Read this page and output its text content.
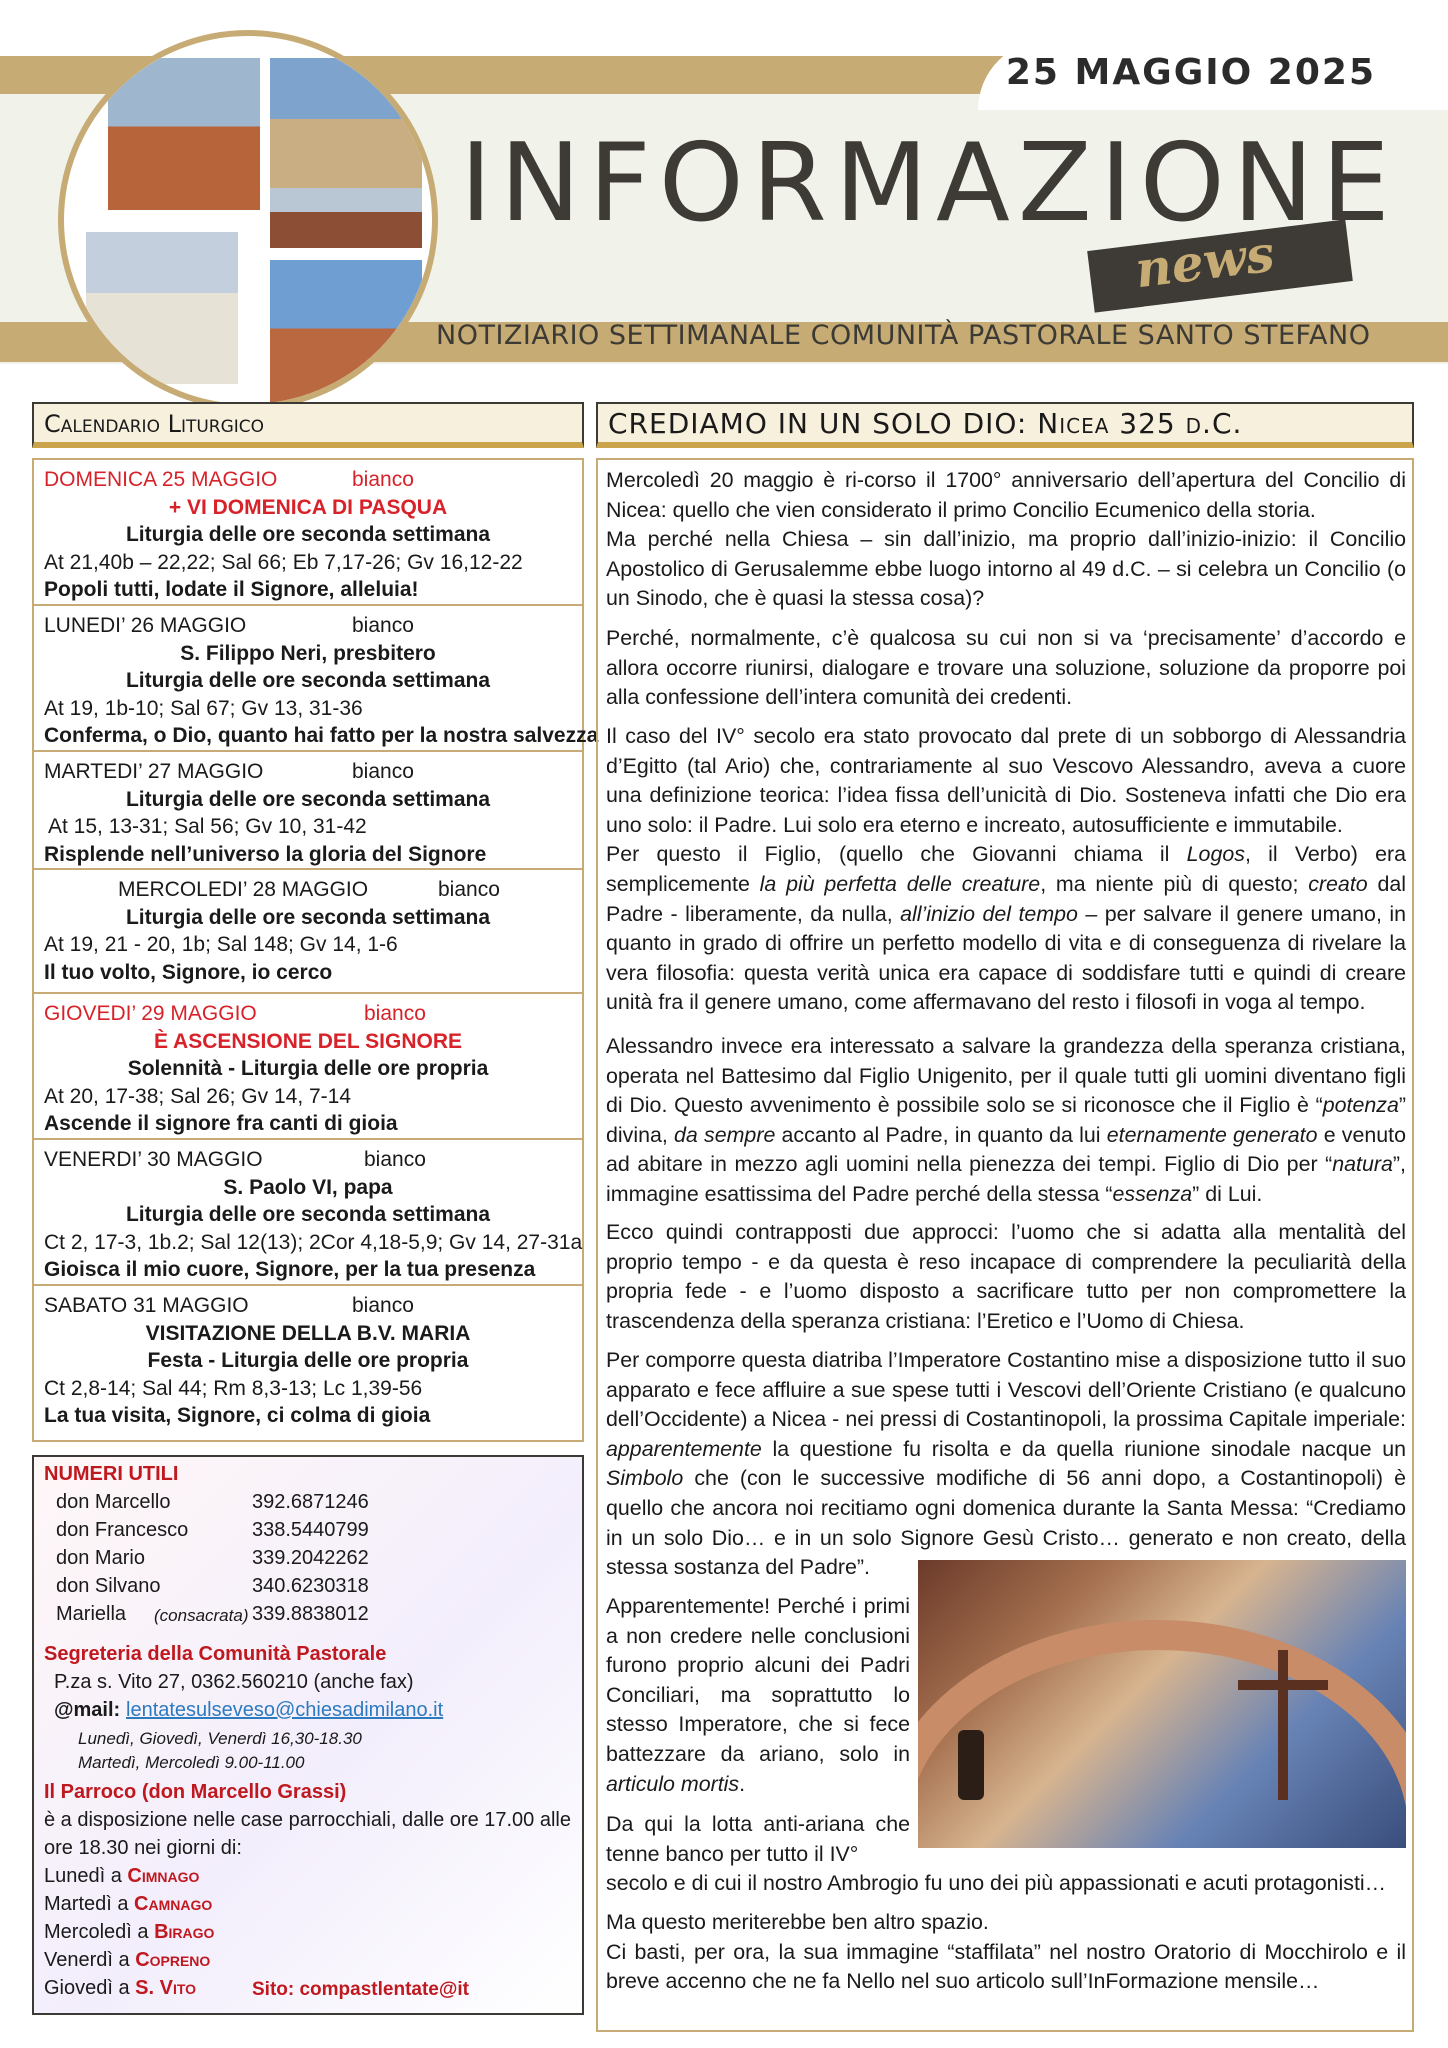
25 MAGGIO 2025
INFORMAZIONE
news
NOTIZIARIO SETTIMANALE COMUNITÀ PASTORALE SANTO STEFANO
Calendario Liturgico
DOMENICA 25 MAGGIO	bianco
+ VI DOMENICA DI PASQUA
Liturgia delle ore seconda settimana
At 21,40b – 22,22; Sal 66; Eb 7,17-26; Gv 16,12-22
Popoli tutti, lodate il Signore, alleluia!
LUNEDI’ 26 MAGGIO	bianco
S. Filippo Neri, presbitero
Liturgia delle ore seconda settimana
At 19, 1b-10; Sal 67; Gv 13, 31-36
Conferma, o Dio, quanto hai fatto per la nostra salvezza
MARTEDI’ 27 MAGGIO	bianco
Liturgia delle ore seconda settimana
At 15, 13-31; Sal 56; Gv 10, 31-42
Risplende nell’universo la gloria del Signore
MERCOLEDI’ 28 MAGGIO	bianco
Liturgia delle ore seconda settimana
At 19, 21 - 20, 1b; Sal 148; Gv 14, 1-6
Il tuo volto, Signore, io cerco
GIOVEDI’ 29 MAGGIO	bianco
È ASCENSIONE DEL SIGNORE
Solennità - Liturgia delle ore propria
At 20, 17-38; Sal 26; Gv 14, 7-14
Ascende il signore fra canti di gioia
VENERDI’ 30 MAGGIO	bianco
S. Paolo VI, papa
Liturgia delle ore seconda settimana
Ct 2, 17-3, 1b.2; Sal 12(13); 2Cor 4,18-5,9; Gv 14, 27-31a
Gioisca il mio cuore, Signore, per la tua presenza
SABATO 31 MAGGIO	bianco
VISITAZIONE DELLA B.V. MARIA
Festa - Liturgia delle ore propria
Ct 2,8-14; Sal 44; Rm 8,3-13; Lc 1,39-56
La tua visita, Signore, ci colma di gioia
NUMERI UTILI
don Marcello	392.6871246
don Francesco	338.5440799
don Mario	339.2042262
don Silvano	340.6230318
Mariella (consacrata) 339.8838012
Segreteria della Comunità Pastorale
P.za s. Vito 27, 0362.560210 (anche fax)
@mail: lentatesulseveso@chiesadimilano.it
Lunedì, Giovedì, Venerdì 16,30-18.30
Martedì, Mercoledì 9.00-11.00
Il Parroco (don Marcello Grassi)
è a disposizione nelle case parrocchiali, dalle ore 17.00 alle
ore 18.30 nei giorni di:
Lunedì a Cimnago
Martedì a Camnago
Mercoledì a Birago
Venerdì a Copreno
Giovedì a S. Vito	Sito: compastlentate@it
CREDIAMO IN UN SOLO DIO: Nicea 325 d.C.
Mercoledì 20 maggio è ri-corso il 1700° anniversario dell’apertura del Concilio di Nicea: quello che vien considerato il primo Concilio Ecumenico della storia.
Ma perché nella Chiesa – sin dall’inizio, ma proprio dall’inizio-inizio: il Concilio Apostolico di Gerusalemme ebbe luogo intorno al 49 d.C. – si celebra un Concilio (o un Sinodo, che è quasi la stessa cosa)?
Perché, normalmente, c’è qualcosa su cui non si va ‘precisamente’ d’accordo e allora occorre riunirsi, dialogare e trovare una soluzione, soluzione da proporre poi alla confessione dell’intera comunità dei credenti.
Il caso del IV° secolo era stato provocato dal prete di un sobborgo di Alessandria d’Egitto (tal Ario) che, contrariamente al suo Vescovo Alessandro, aveva a cuore una definizione teorica: l’idea fissa dell’unicità di Dio. Sosteneva infatti che Dio era uno solo: il Padre. Lui solo era eterno e increato, autosufficiente e immutabile.
Per questo il Figlio, (quello che Giovanni chiama il Logos, il Verbo) era semplicemente la più perfetta delle creature, ma niente più di questo; creato dal Padre - liberamente, da nulla, all’inizio del tempo – per salvare il genere umano, in quanto in grado di offrire un perfetto modello di vita e di conseguenza di rivelare la vera filosofia: questa verità unica era capace di soddisfare tutti e quindi di creare unità fra il genere umano, come affermavano del resto i filosofi in voga al tempo.
Alessandro invece era interessato a salvare la grandezza della speranza cristiana, operata nel Battesimo dal Figlio Unigenito, per il quale tutti gli uomini diventano figli di Dio. Questo avvenimento è possibile solo se si riconosce che il Figlio è “potenza” divina, da sempre accanto al Padre, in quanto da lui eternamente generato e venuto ad abitare in mezzo agli uomini nella pienezza dei tempi. Figlio di Dio per “natura”, immagine esattissima del Padre perché della stessa “essenza” di Lui.
Ecco quindi contrapposti due approcci: l’uomo che si adatta alla mentalità del proprio tempo - e da questa è reso incapace di comprendere la peculiarità della propria fede - e l’uomo disposto a sacrificare tutto per non compromettere la trascendenza della speranza cristiana: l’Eretico e l’Uomo di Chiesa.
Per comporre questa diatriba l’Imperatore Costantino mise a disposizione tutto il suo apparato e fece affluire a sue spese tutti i Vescovi dell’Oriente Cristiano (e qualcuno dell’Occidente) a Nicea - nei pressi di Costantinopoli, la prossima Capitale imperiale: apparentemente la questione fu risolta e da quella riunione sinodale nacque un Simbolo che (con le successive modifiche di 56 anni dopo, a Costantinopoli) è quello che ancora noi recitiamo ogni domenica durante la Santa Messa: “Crediamo in un solo Dio… e in un solo Signore Gesù Cristo… generato e non creato, della stessa sostanza del Padre”.
Apparentemente! Perché i primi a non credere nelle conclusioni furono proprio alcuni dei Padri Conciliari, ma soprattutto lo stesso Imperatore, che si fece battezzare da ariano, solo in articulo mortis.
Da qui la lotta anti-ariana che tenne banco per tutto il IV°
secolo e di cui il nostro Ambrogio fu uno dei più appassionati e acuti protagonisti…
Ma questo meriterebbe ben altro spazio.
Ci basti, per ora, la sua immagine “staffilata” nel nostro Oratorio di Mocchirolo e il breve accenno che ne fa Nello nel suo articolo sull’InFormazione mensile…
